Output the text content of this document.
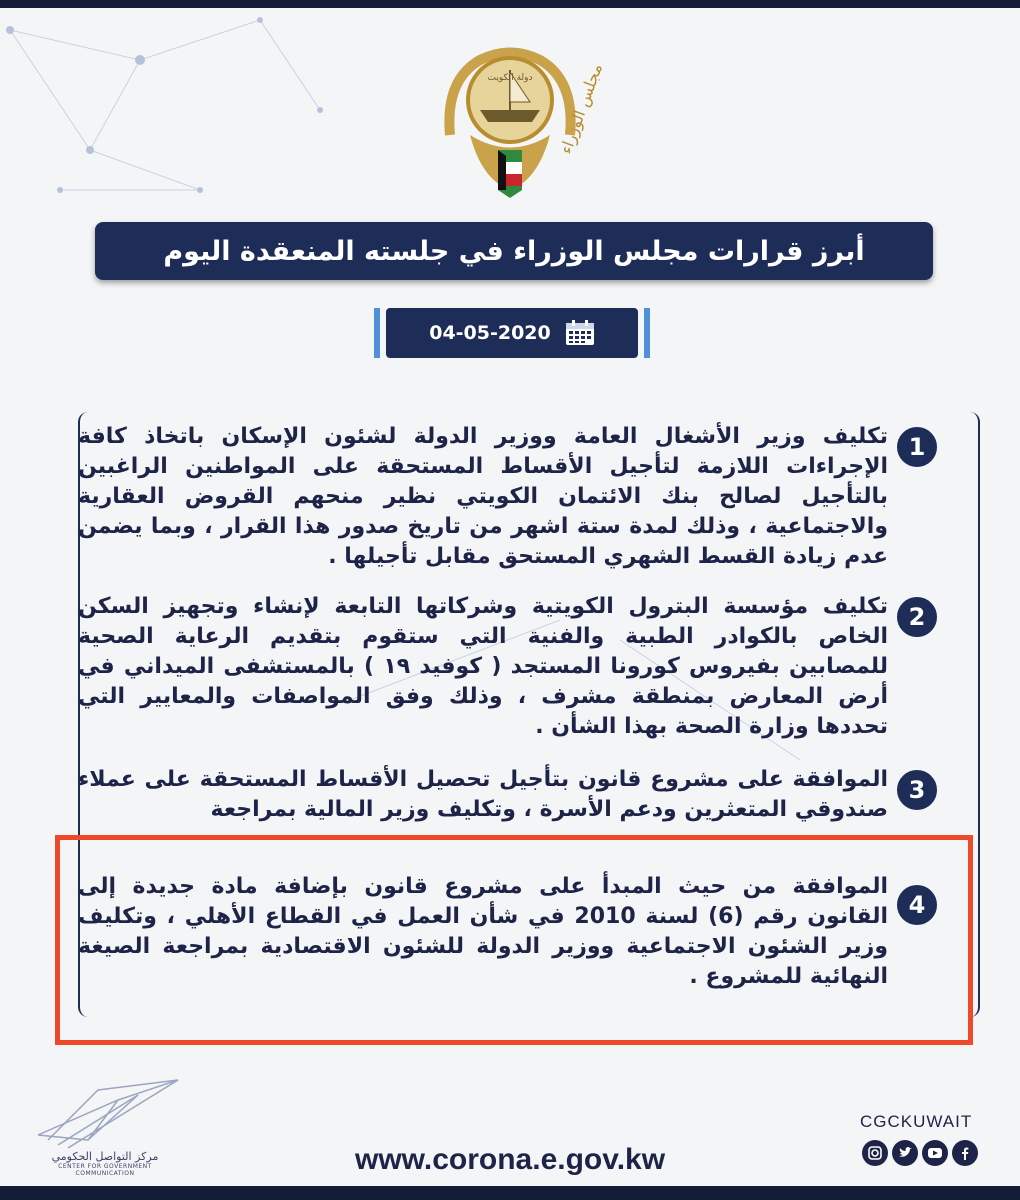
مجلس الوزراء
دولة الكويت
أبرز قرارات مجلس الوزراء في جلسته المنعقدة اليوم
04-05-2020
1
تكليف وزير الأشغال العامة ووزير الدولة لشئون الإسكان باتخاذ كافة الإجراءات اللازمة لتأجيل الأقساط المستحقة على المواطنين الراغبين بالتأجيل لصالح بنك الائتمان الكويتي نظير منحهم القروض العقارية والاجتماعية ، وذلك لمدة ستة اشهر من تاريخ صدور هذا القرار ، وبما يضمن عدم زيادة القسط الشهري المستحق مقابل تأجيلها .
2
تكليف مؤسسة البترول الكويتية وشركاتها التابعة لإنشاء وتجهيز السكن الخاص بالكوادر الطبية والفنية التي ستقوم بتقديم الرعاية الصحية للمصابين بفيروس كورونا المستجد ( كوفيد ١٩ ) بالمستشفى الميداني في أرض المعارض بمنطقة مشرف ، وذلك وفق المواصفات والمعايير التي تحددها وزارة الصحة بهذا الشأن .
3
الموافقة على مشروع قانون بتأجيل تحصيل الأقساط المستحقة على عملاء صندوقي المتعثرين ودعم الأسرة ، وتكليف وزير المالية بمراجعة
4
الموافقة من حيث المبدأ على مشروع قانون بإضافة مادة جديدة إلى القانون رقم (6) لسنة 2010 في شأن العمل في القطاع الأهلي ، وتكليف وزير الشئون الاجتماعية ووزير الدولة للشئون الاقتصادية بمراجعة الصيغة النهائية للمشروع .
مركز التواصل الحكومي
CENTER FOR GOVERNMENT COMMUNICATION	www.corona.e.gov.kw
CGCKUWAIT
